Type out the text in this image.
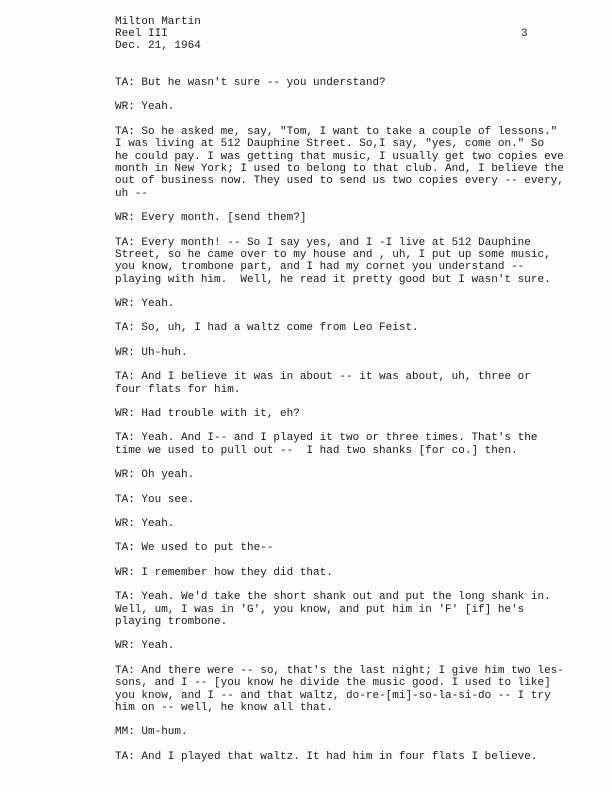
Milton Martin
Reel III
Dec. 21, 1964
3
TA: But he wasn't sure -- you understand?
WR: Yeah.
TA: So he asked me, say, "Tom, I want to take a couple of lessons."
I was living at 512 Dauphine Street. So,I say, "yes, come on." So
he could pay. I was getting that music, I usually get two copies eve
month in New York; I used to belong to that club. And, I believe the
out of business now. They used to send us two copies every -- every,
uh --
WR: Every month. [send them?]
TA: Every month! -- So I say yes, and I -I live at 512 Dauphine
Street, so he came over to my house and , uh, I put up some music,
you know, trombone part, and I had my cornet you understand --
playing with him.  Well, he read it pretty good but I wasn't sure.
WR: Yeah.
TA: So, uh, I had a waltz come from Leo Feist.
WR: Uh-huh.
TA: And I believe it was in about -- it was about, uh, three or
four flats for him.
WR: Had trouble with it, eh?
TA: Yeah. And I-- and I played it two or three times. That's the
time we used to pull out --  I had two shanks [for co.] then.
WR: Oh yeah.
TA: You see.
WR: Yeah.
TA: We used to put the--
WR: I remember how they did that.
TA: Yeah. We'd take the short shank out and put the long shank in.
Well, um, I was in 'G', you know, and put him in 'F' [if] he's
playing trombone.
WR: Yeah.
TA: And there were -- so, that's the last night; I give him two les-
sons, and I -- [you know he divide the music good. I used to like]
you know, and I -- and that waltz, do-re-[mi]-so-la-si-do -- I try
him on -- well, he know all that.
MM: Um-hum.
TA: And I played that waltz. It had him in four flats I believe.
